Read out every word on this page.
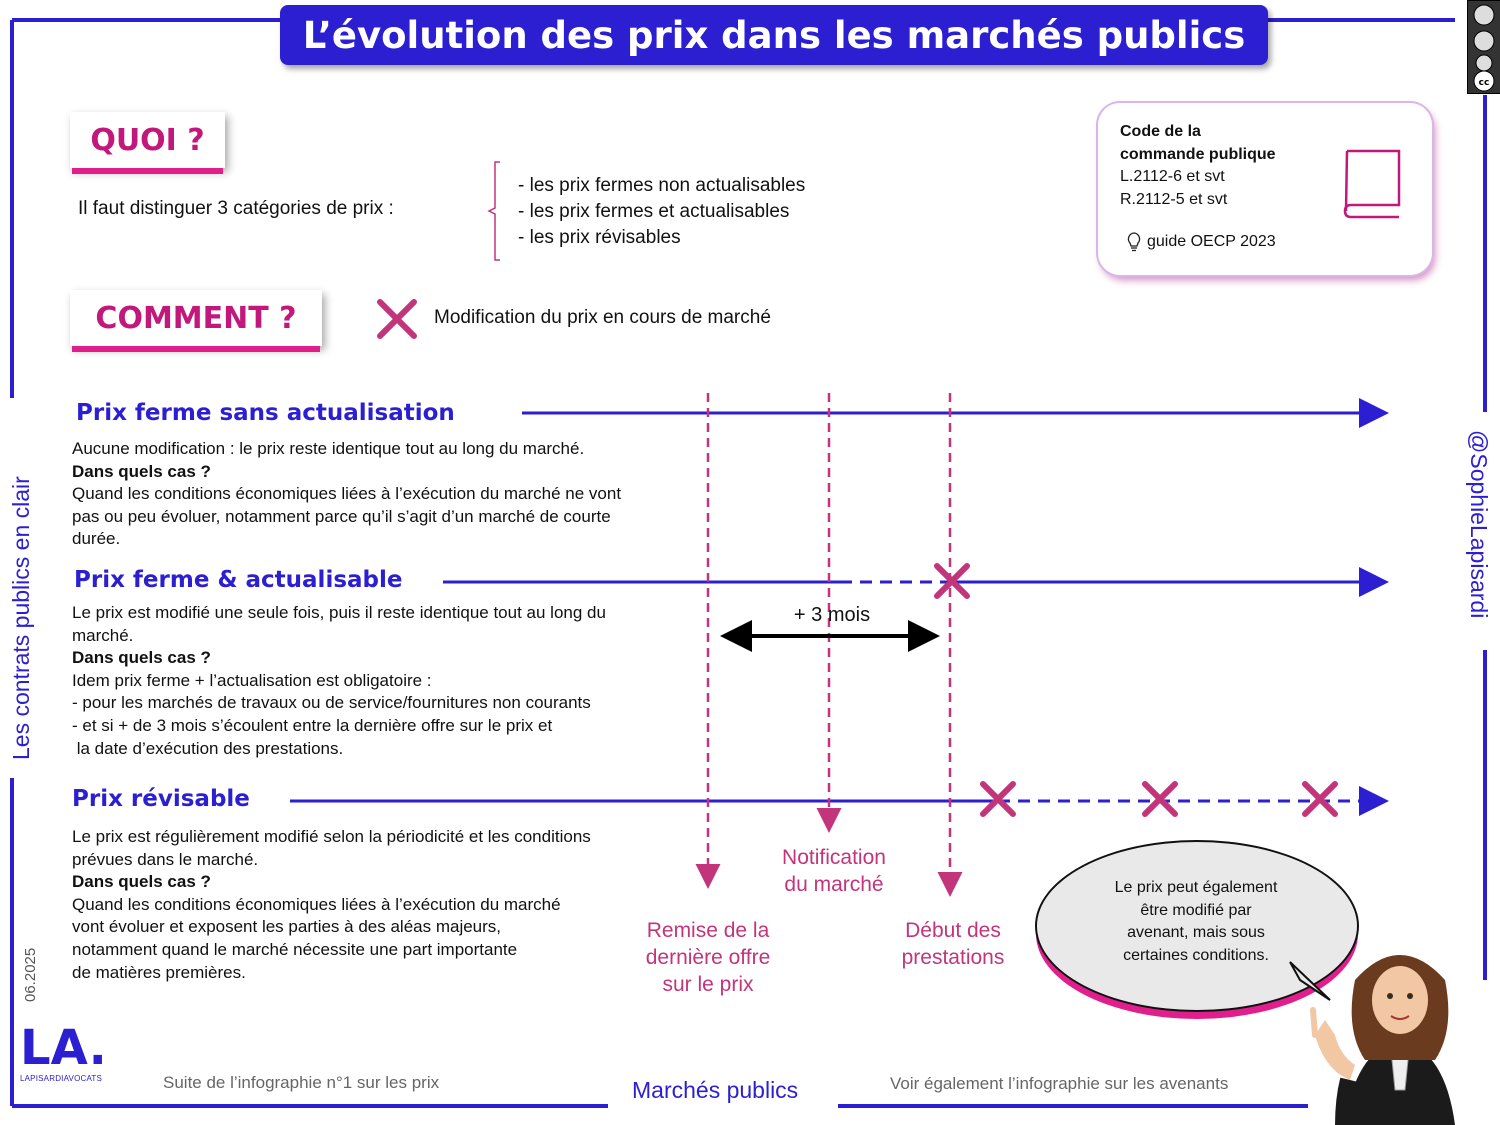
L’évolution des prix dans les marchés publics
cc
QUOI ?
Il faut distinguer 3 catégories de prix :
- les prix fermes non actualisables
- les prix fermes et actualisables
- les prix révisables
Code de la
commande publique
L.2112-6 et svt
R.2112-5 et svt
guide OECP 2023
COMMENT ?	Modification du prix en cours de marché
Prix ferme sans actualisation
Aucune modification : le prix reste identique tout au long du marché.
Dans quels cas ?
Quand les conditions économiques liées à l’exécution du marché ne vont
pas ou peu évoluer, notamment parce qu’il s’agit d’un marché de courte
durée.
Prix ferme & actualisable
Le prix est modifié une seule fois, puis il reste identique tout au long du
marché.
Dans quels cas ?
Idem prix ferme + l’actualisation est obligatoire :
- pour les marchés de travaux ou de service/fournitures non courants
- et si + de 3 mois s’écoulent entre la dernière offre sur le prix et
la date d’exécution des prestations.
Prix révisable
Le prix est régulièrement modifié selon la périodicité et les conditions
prévues dans le marché.
Dans quels cas ?
Quand les conditions économiques liées à l’exécution du marché
vont évoluer et exposent les parties à des aléas majeurs,
notamment quand le marché nécessite une part importante
de matières premières.
+ 3 mois
Remise de la
dernière offre
sur le prix
Notification
du marché
Début des
prestations
Le prix peut également
être modifié par
avenant, mais sous
certaines conditions.
Les contrats publics en clair	@SophieLapisardi
06.2025
LA.
LAPISARDIAVOCATS	Suite de l’infographie n°1 sur les prix	Marchés publics	Voir également l’infographie sur les avenants
